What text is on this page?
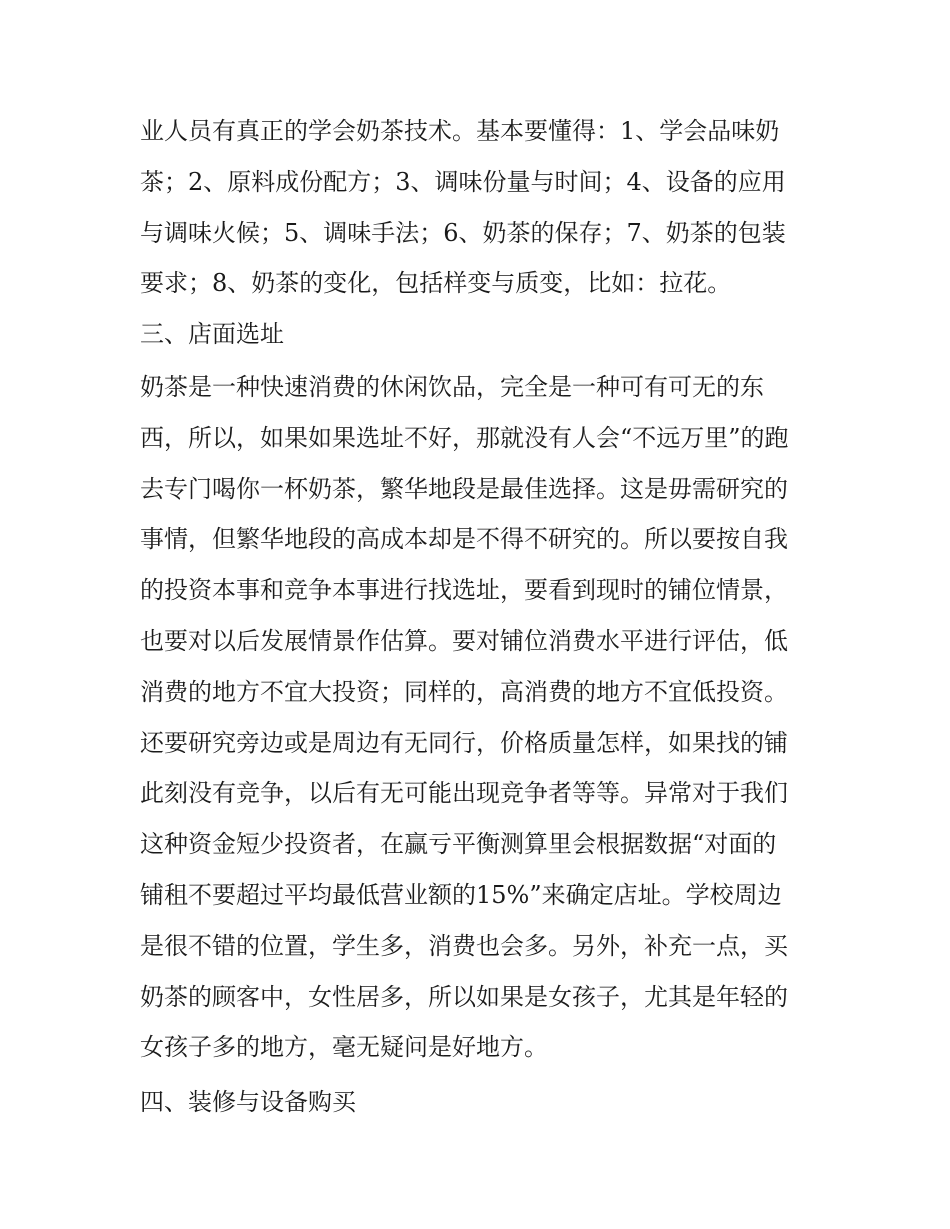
业人员有真正的学会奶茶技术。基本要懂得：1、学会品味奶
茶；2、原料成份配方；3、调味份量与时间；4、设备的应用
与调味火候；5、调味手法；6、奶茶的保存；7、奶茶的包装
要求；8、奶茶的变化，包括样变与质变，比如：拉花。
三、店面选址
奶茶是一种快速消费的休闲饮品，完全是一种可有可无的东
西，所以，如果如果选址不好，那就没有人会“不远万里”的跑
去专门喝你一杯奶茶，繁华地段是最佳选择。这是毋需研究的
事情，但繁华地段的高成本却是不得不研究的。所以要按自我
的投资本事和竞争本事进行找选址，要看到现时的铺位情景，
也要对以后发展情景作估算。要对铺位消费水平进行评估，低
消费的地方不宜大投资；同样的，高消费的地方不宜低投资。
还要研究旁边或是周边有无同行，价格质量怎样，如果找的铺
此刻没有竞争，以后有无可能出现竞争者等等。异常对于我们
这种资金短少投资者，在赢亏平衡测算里会根据数据“对面的
铺租不要超过平均最低营业额的15%”来确定店址。学校周边
是很不错的位置，学生多，消费也会多。另外，补充一点，买
奶茶的顾客中，女性居多，所以如果是女孩子，尤其是年轻的
女孩子多的地方，毫无疑问是好地方。
四、装修与设备购买
